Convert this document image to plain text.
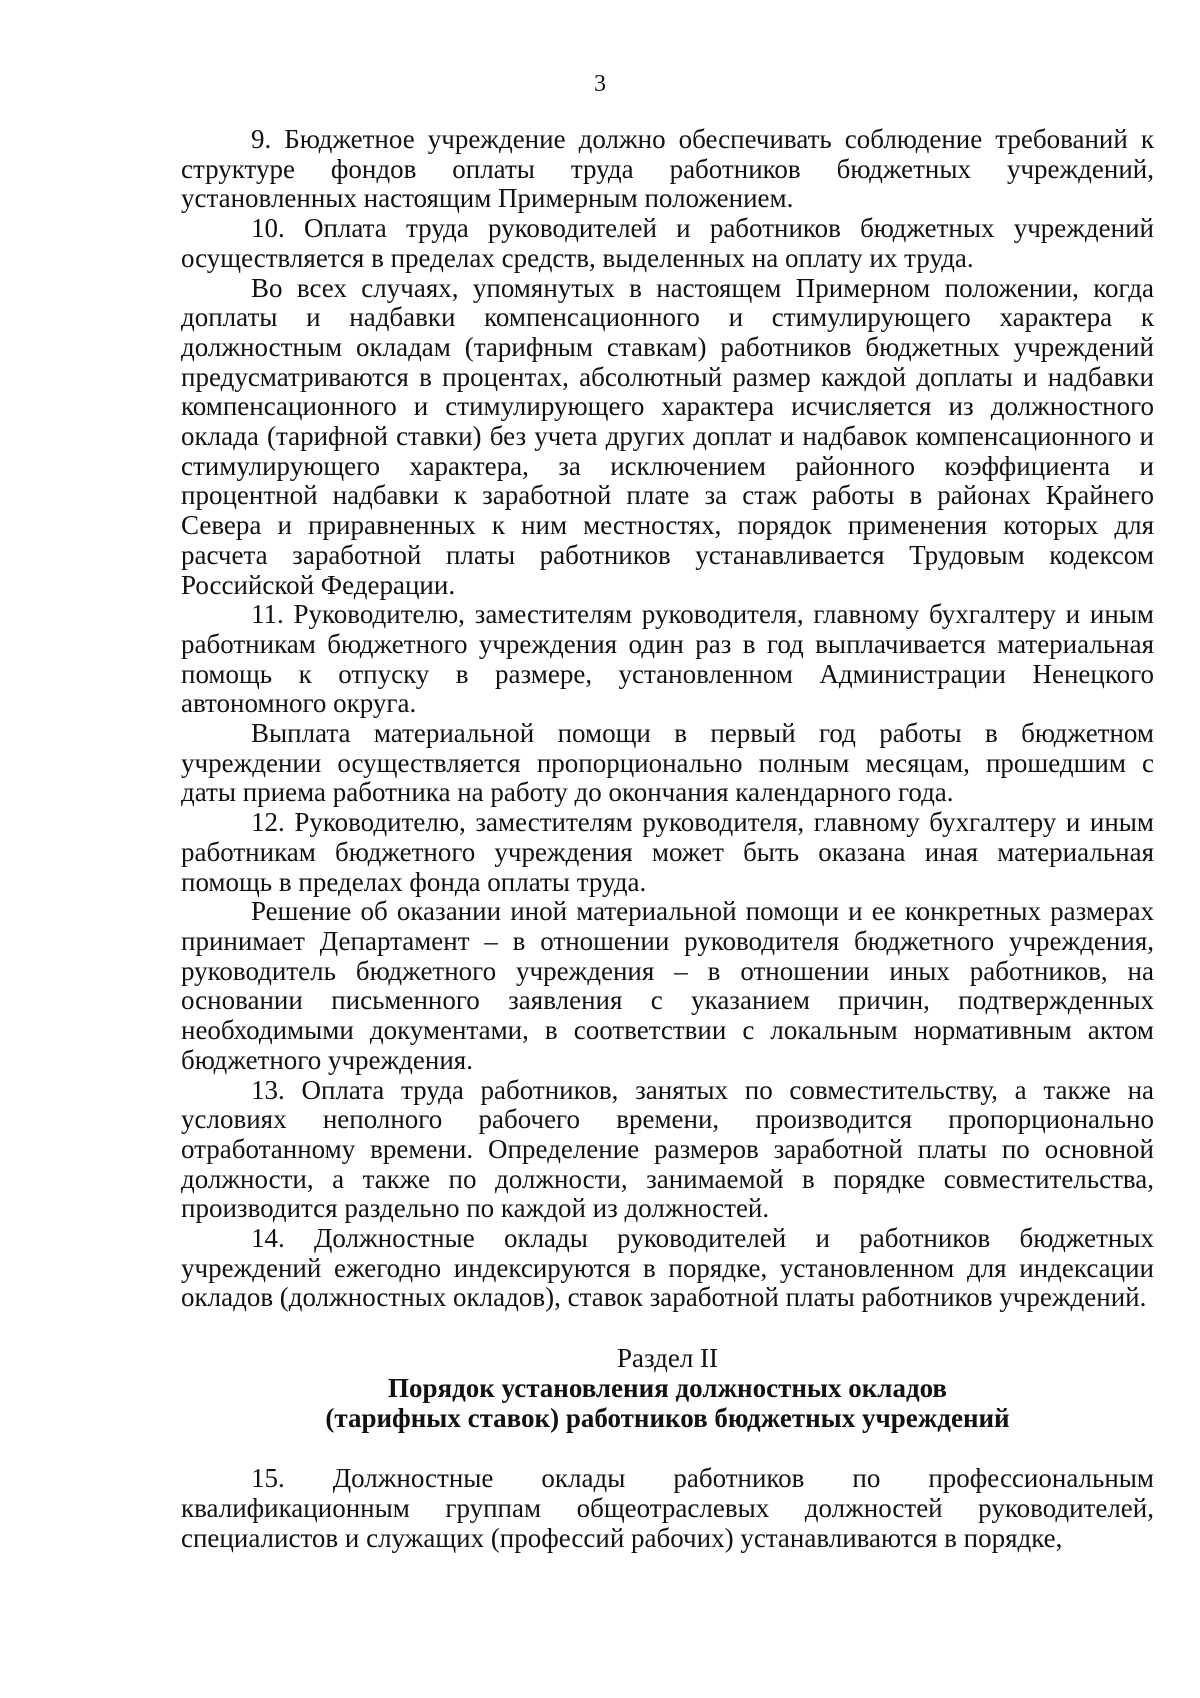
3

9. Бюджетное учреждение должно обеспечивать соблюдение требований к структуре фондов оплаты труда работников бюджетных учреждений, установленных настоящим Примерным положением.

10. Оплата труда руководителей и работников бюджетных учреждений осуществляется в пределах средств, выделенных на оплату их труда.

Во всех случаях, упомянутых в настоящем Примерном положении, когда доплаты и надбавки компенсационного и стимулирующего характера к должностным окладам (тарифным ставкам) работников бюджетных учреждений предусматриваются в процентах, абсолютный размер каждой доплаты и надбавки компенсационного и стимулирующего характера исчисляется из должностного оклада (тарифной ставки) без учета других доплат и надбавок компенсационного и стимулирующего характера, за исключением районного коэффициента и процентной надбавки к заработной плате за стаж работы в районах Крайнего Севера и приравненных к ним местностях, порядок применения которых для расчета заработной платы работников устанавливается Трудовым кодексом Российской Федерации.

11. Руководителю, заместителям руководителя, главному бухгалтеру и иным работникам бюджетного учреждения один раз в год выплачивается материальная помощь к отпуску в размере, установленном Администрации Ненецкого автономного округа.

Выплата материальной помощи в первый год работы в бюджетном учреждении осуществляется пропорционально полным месяцам, прошедшим с даты приема работника на работу до окончания календарного года.

12. Руководителю, заместителям руководителя, главному бухгалтеру и иным работникам бюджетного учреждения может быть оказана иная материальная помощь в пределах фонда оплаты труда.

Решение об оказании иной материальной помощи и ее конкретных размерах принимает Департамент – в отношении руководителя бюджетного учреждения, руководитель бюджетного учреждения – в отношении иных работников, на основании письменного заявления с указанием причин, подтвержденных необходимыми документами, в соответствии с локальным нормативным актом бюджетного учреждения.

13. Оплата труда работников, занятых по совместительству, а также на условиях неполного рабочего времени, производится пропорционально отработанному времени. Определение размеров заработной платы по основной должности, а также по должности, занимаемой в порядке совместительства, производится раздельно по каждой из должностей.

14. Должностные оклады руководителей и работников бюджетных учреждений ежегодно индексируются в порядке, установленном для индексации окладов (должностных окладов), ставок заработной платы работников учреждений.

Раздел II

Порядок установления должностных окладов

(тарифных ставок) работников бюджетных учреждений

15. Должностные оклады работников по профессиональным квалификационным группам общеотраслевых должностей руководителей, специалистов и служащих (профессий рабочих) устанавливаются в порядке,
